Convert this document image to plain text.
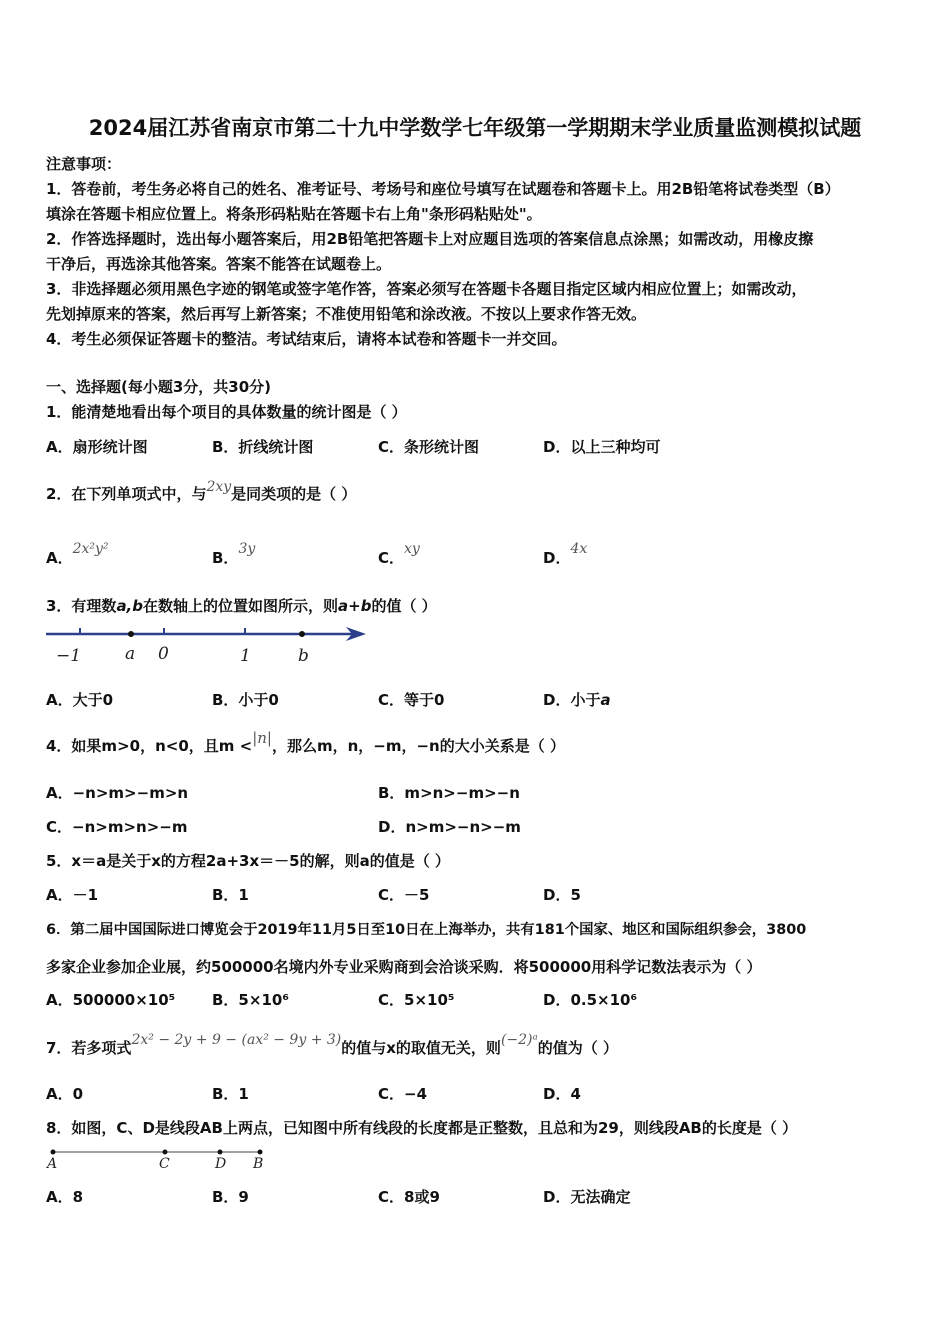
2024届江苏省南京市第二十九中学数学七年级第一学期期末学业质量监测模拟试题
注意事项：
1．答卷前，考生务必将自己的姓名、准考证号、考场号和座位号填写在试题卷和答题卡上。用2B铅笔将试卷类型（B）
填涂在答题卡相应位置上。将条形码粘贴在答题卡右上角"条形码粘贴处"。
2．作答选择题时，选出每小题答案后，用2B铅笔把答题卡上对应题目选项的答案信息点涂黑；如需改动，用橡皮擦
干净后，再选涂其他答案。答案不能答在试题卷上。
3．非选择题必须用黑色字迹的钢笔或签字笔作答，答案必须写在答题卡各题目指定区域内相应位置上；如需改动，
先划掉原来的答案，然后再写上新答案；不准使用铅笔和涂改液。不按以上要求作答无效。
4．考生必须保证答题卡的整洁。考试结束后，请将本试卷和答题卡一并交回。
一、选择题(每小题3分，共30分)
1．能清楚地看出每个项目的具体数量的统计图是（ ）
A．扇形统计图	B．折线统计图	C．条形统计图	D．以上三种均可
2．在下列单项式中，与2xy是同类项的是（ ）
A．2x²y²	B．3y	C．xy	D．4x
3．有理数a,b在数轴上的位置如图所示，则a+b的值（ ）
−1	a 0	1	b
A．大于0	B．小于0	C．等于0	D．小于a
4．如果m>0，n<0，且m <|n|，那么m，n，−m，−n的大小关系是（ ）
A．−n>m>−m>n	B．m>n>−m>−n
C．−n>m>n>−m	D．n>m>−n>−m
5．x＝a是关于x的方程2a+3x＝－5的解，则a的值是（ ）
A．－1	B．1	C．－5	D．5
6．第二届中国国际进口博览会于2019年11月5日至10日在上海举办，共有181个国家、地区和国际组织参会，3800
多家企业参加企业展，约500000名境内外专业采购商到会洽谈采购．将500000用科学记数法表示为（ ）
A．500000×10⁵ B．5×10⁶	C．5×10⁵	D．0.5×10⁶
7．若多项式2x² − 2y + 9 − (ax² − 9y + 3)的值与x的取值无关，则(−2)ᵃ的值为（ ）
A．0	B．1	C．−4	D．4
8．如图，C、D是线段AB上两点，已知图中所有线段的长度都是正整数，且总和为29，则线段AB的长度是（ ）
A	C	D B
A．8	B．9	C．8或9	D．无法确定
